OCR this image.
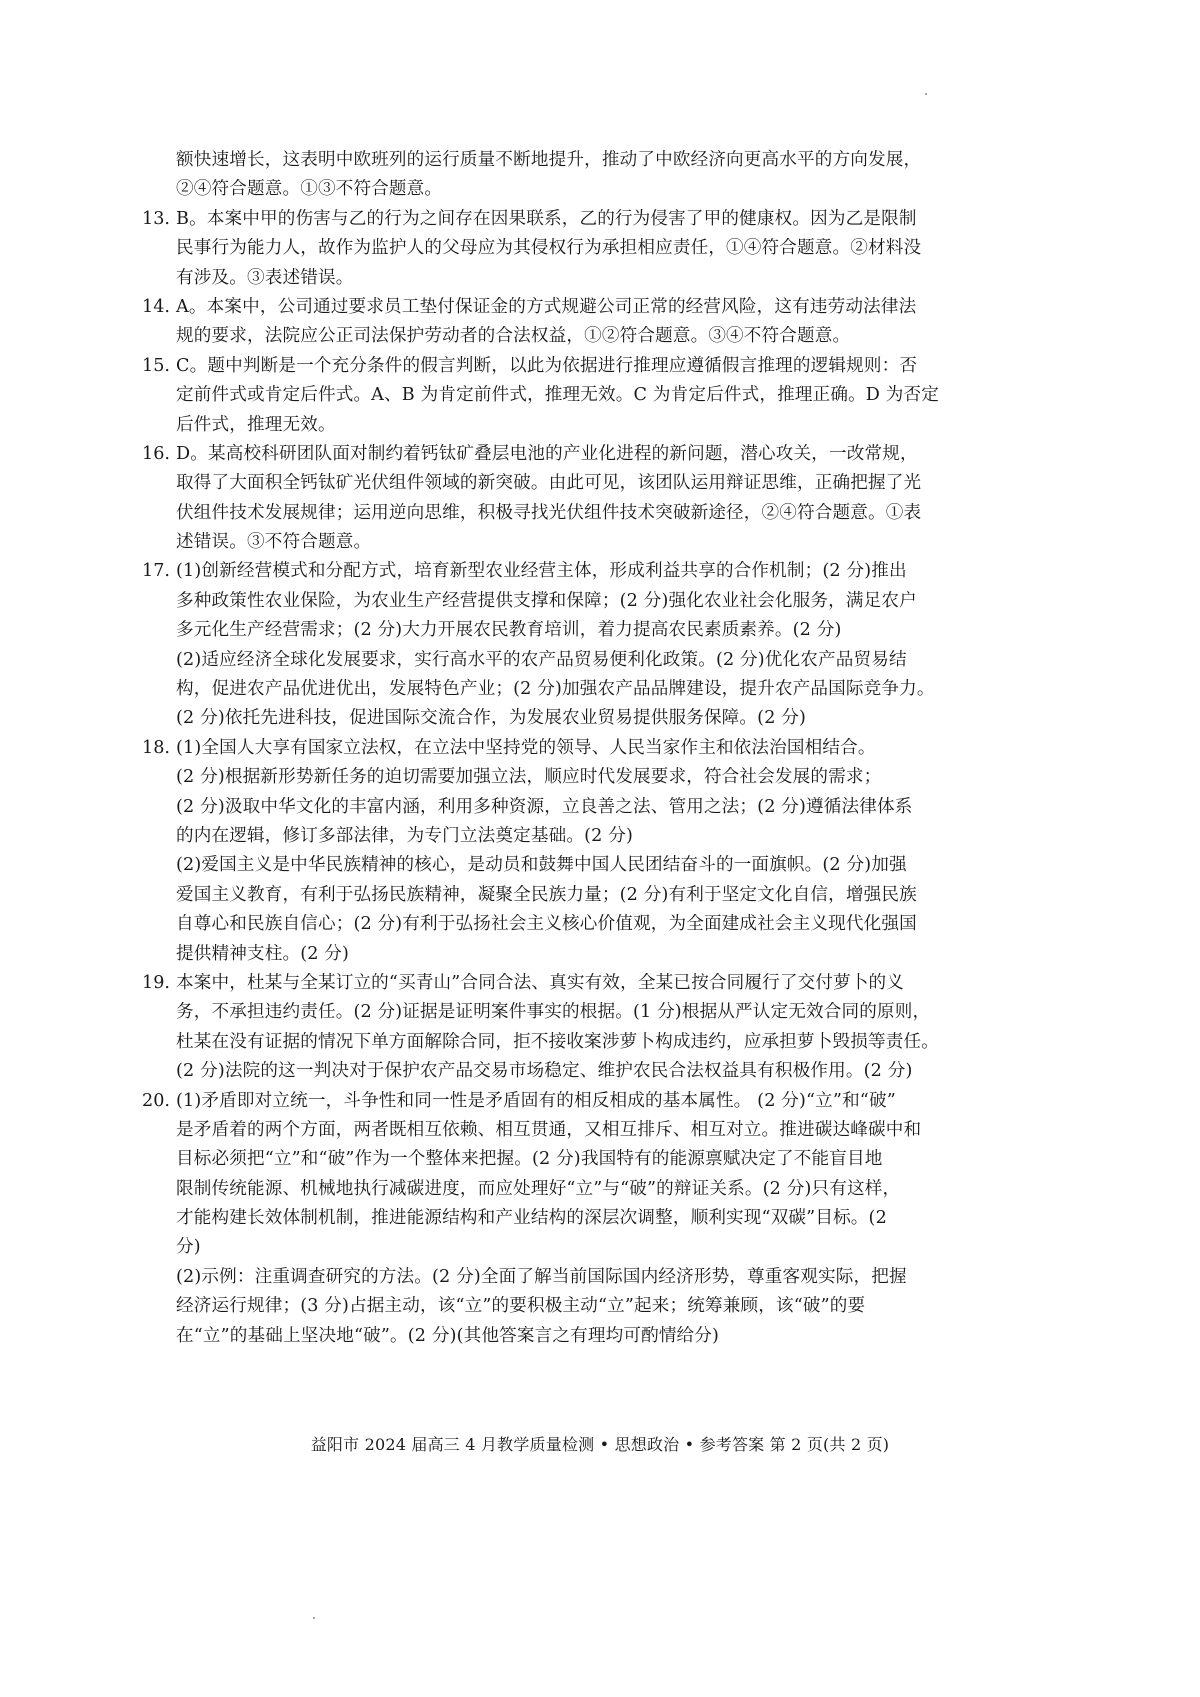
额快速增长，这表明中欧班列的运行质量不断地提升，推动了中欧经济向更高水平的方向发展，
②④符合题意。①③不符合题意。
13. B。本案中甲的伤害与乙的行为之间存在因果联系，乙的行为侵害了甲的健康权。因为乙是限制
民事行为能力人，故作为监护人的父母应为其侵权行为承担相应责任，①④符合题意。②材料没
有涉及。③表述错误。
14. A。本案中，公司通过要求员工垫付保证金的方式规避公司正常的经营风险，这有违劳动法律法
规的要求，法院应公正司法保护劳动者的合法权益，①②符合题意。③④不符合题意。
15. C。题中判断是一个充分条件的假言判断，以此为依据进行推理应遵循假言推理的逻辑规则：否
定前件式或肯定后件式。A、B 为肯定前件式，推理无效。C 为肯定后件式，推理正确。D 为否定
后件式，推理无效。
16. D。某高校科研团队面对制约着钙钛矿叠层电池的产业化进程的新问题，潜心攻关，一改常规，
取得了大面积全钙钛矿光伏组件领域的新突破。由此可见，该团队运用辩证思维，正确把握了光
伏组件技术发展规律；运用逆向思维，积极寻找光伏组件技术突破新途径，②④符合题意。①表
述错误。③不符合题意。
17. (1)创新经营模式和分配方式，培育新型农业经营主体，形成利益共享的合作机制；(2 分)推出
多种政策性农业保险，为农业生产经营提供支撑和保障；(2 分)强化农业社会化服务，满足农户
多元化生产经营需求；(2 分)大力开展农民教育培训，着力提高农民素质素养。(2 分)
(2)适应经济全球化发展要求，实行高水平的农产品贸易便利化政策。(2 分)优化农产品贸易结
构，促进农产品优进优出，发展特色产业；(2 分)加强农产品品牌建设，提升农产品国际竞争力。
(2 分)依托先进科技，促进国际交流合作，为发展农业贸易提供服务保障。(2 分)
18. (1)全国人大享有国家立法权，在立法中坚持党的领导、人民当家作主和依法治国相结合。
(2 分)根据新形势新任务的迫切需要加强立法，顺应时代发展要求，符合社会发展的需求；
(2 分)汲取中华文化的丰富内涵，利用多种资源，立良善之法、管用之法；(2 分)遵循法律体系
的内在逻辑，修订多部法律，为专门立法奠定基础。(2 分)
(2)爱国主义是中华民族精神的核心，是动员和鼓舞中国人民团结奋斗的一面旗帜。(2 分)加强
爱国主义教育，有利于弘扬民族精神，凝聚全民族力量；(2 分)有利于坚定文化自信，增强民族
自尊心和民族自信心；(2 分)有利于弘扬社会主义核心价值观，为全面建成社会主义现代化强国
提供精神支柱。(2 分)
19. 本案中，杜某与全某订立的“买青山”合同合法、真实有效，全某已按合同履行了交付萝卜的义
务，不承担违约责任。(2 分)证据是证明案件事实的根据。(1 分)根据从严认定无效合同的原则，
杜某在没有证据的情况下单方面解除合同，拒不接收案涉萝卜构成违约，应承担萝卜毁损等责任。
(2 分)法院的这一判决对于保护农产品交易市场稳定、维护农民合法权益具有积极作用。(2 分)
20. (1)矛盾即对立统一，斗争性和同一性是矛盾固有的相反相成的基本属性。 (2 分)“立”和“破”
是矛盾着的两个方面，两者既相互依赖、相互贯通，又相互排斥、相互对立。推进碳达峰碳中和
目标必须把“立”和“破”作为一个整体来把握。(2 分)我国特有的能源禀赋决定了不能盲目地
限制传统能源、机械地执行减碳进度，而应处理好“立”与“破”的辩证关系。(2 分)只有这样，
才能构建长效体制机制，推进能源结构和产业结构的深层次调整，顺利实现“双碳”目标。(2
分)
(2)示例：注重调查研究的方法。(2 分)全面了解当前国际国内经济形势，尊重客观实际，把握
经济运行规律；(3 分)占据主动，该“立”的要积极主动“立”起来；统筹兼顾，该“破”的要
在“立”的基础上坚决地“破”。(2 分)(其他答案言之有理均可酌情给分)
益阳市 2024 届高三 4 月教学质量检测 • 思想政治 • 参考答案 第 2 页(共 2 页)
